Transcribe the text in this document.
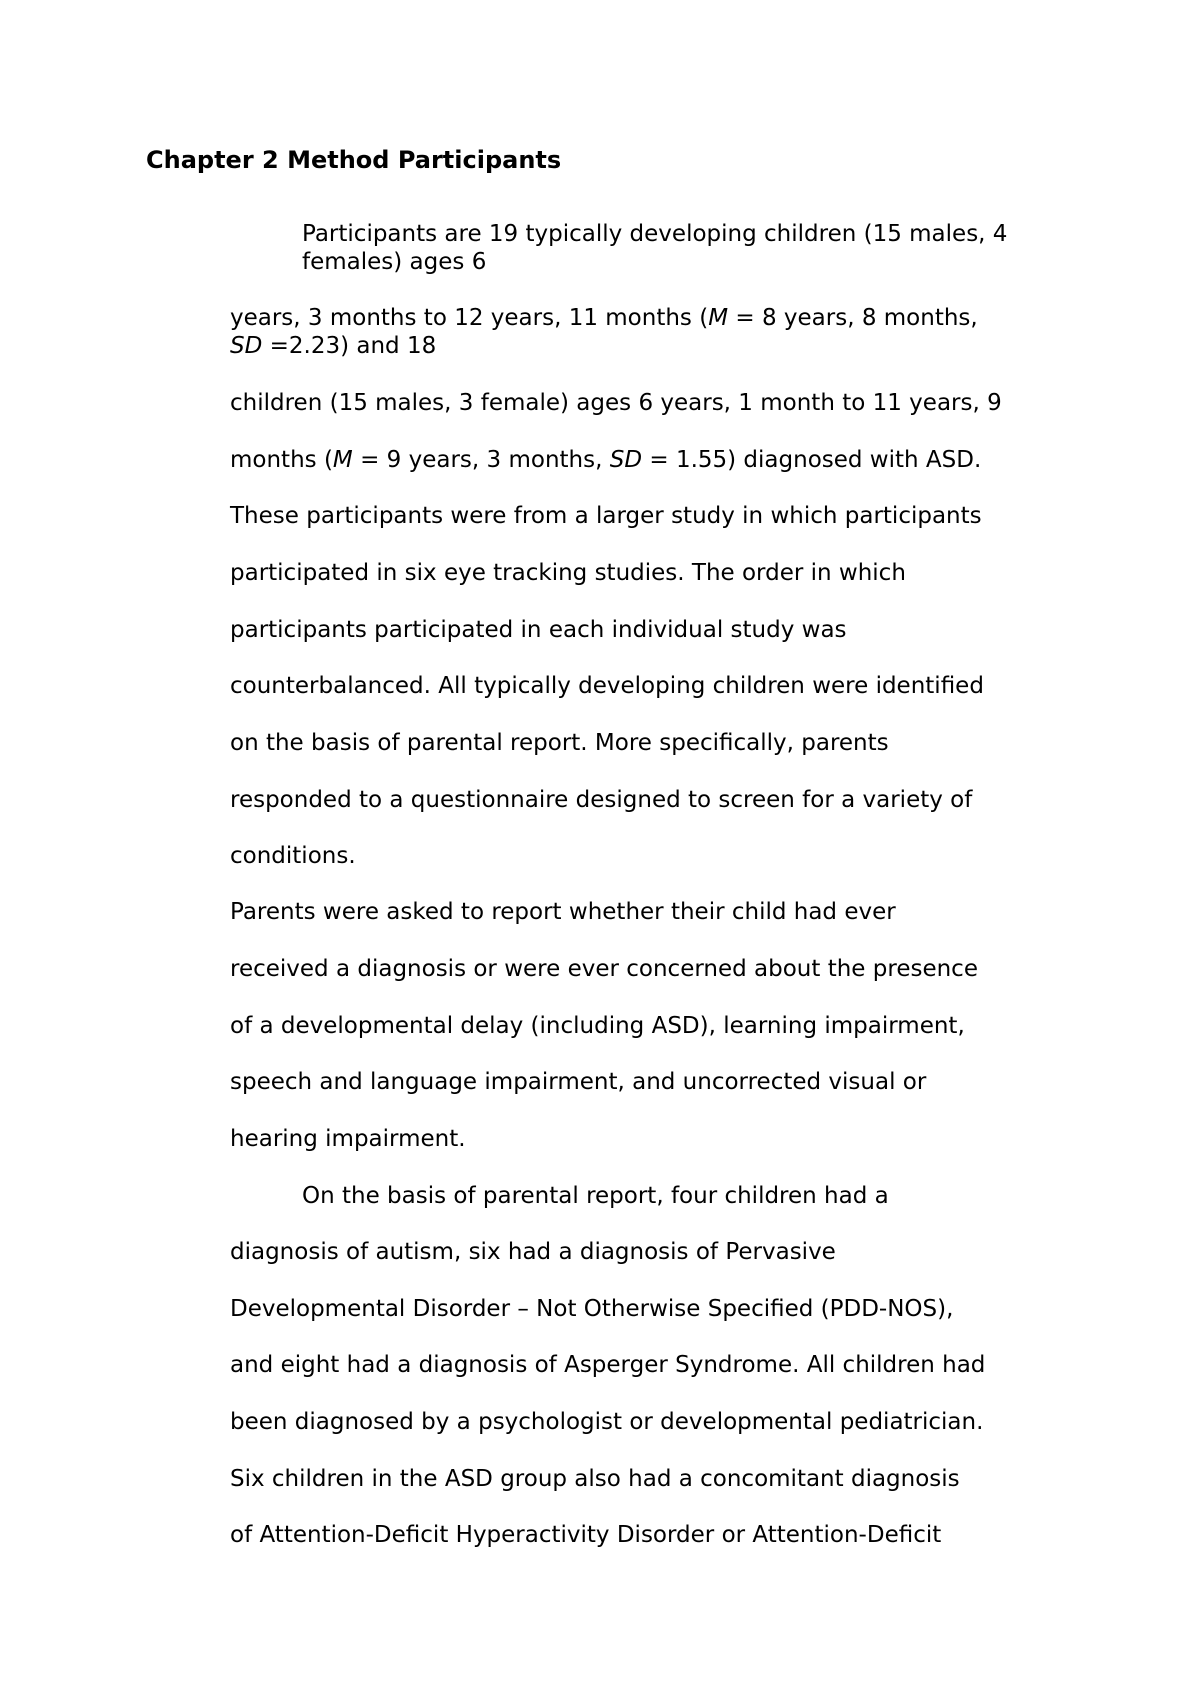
Chapter 2 Method Participants

Participants are 19 typically developing children (15 males, 4

females) ages 6

years, 3 months to 12 years, 11 months (M = 8 years, 8 months,

SD =2.23) and 18

children (15 males, 3 female) ages 6 years, 1 month to 11 years, 9

months (M = 9 years, 3 months, SD = 1.55) diagnosed with ASD.

These participants were from a larger study in which participants

participated in six eye tracking studies. The order in which

participants participated in each individual study was

counterbalanced. All typically developing children were identified

on the basis of parental report. More specifically, parents

responded to a questionnaire designed to screen for a variety of

conditions.

Parents were asked to report whether their child had ever

received a diagnosis or were ever concerned about the presence

of a developmental delay (including ASD), learning impairment,

speech and language impairment, and uncorrected visual or

hearing impairment.

On the basis of parental report, four children had a

diagnosis of autism, six had a diagnosis of Pervasive

Developmental Disorder – Not Otherwise Specified (PDD-NOS),

and eight had a diagnosis of Asperger Syndrome. All children had

been diagnosed by a psychologist or developmental pediatrician.

Six children in the ASD group also had a concomitant diagnosis

of Attention-Deficit Hyperactivity Disorder or Attention-Deficit
